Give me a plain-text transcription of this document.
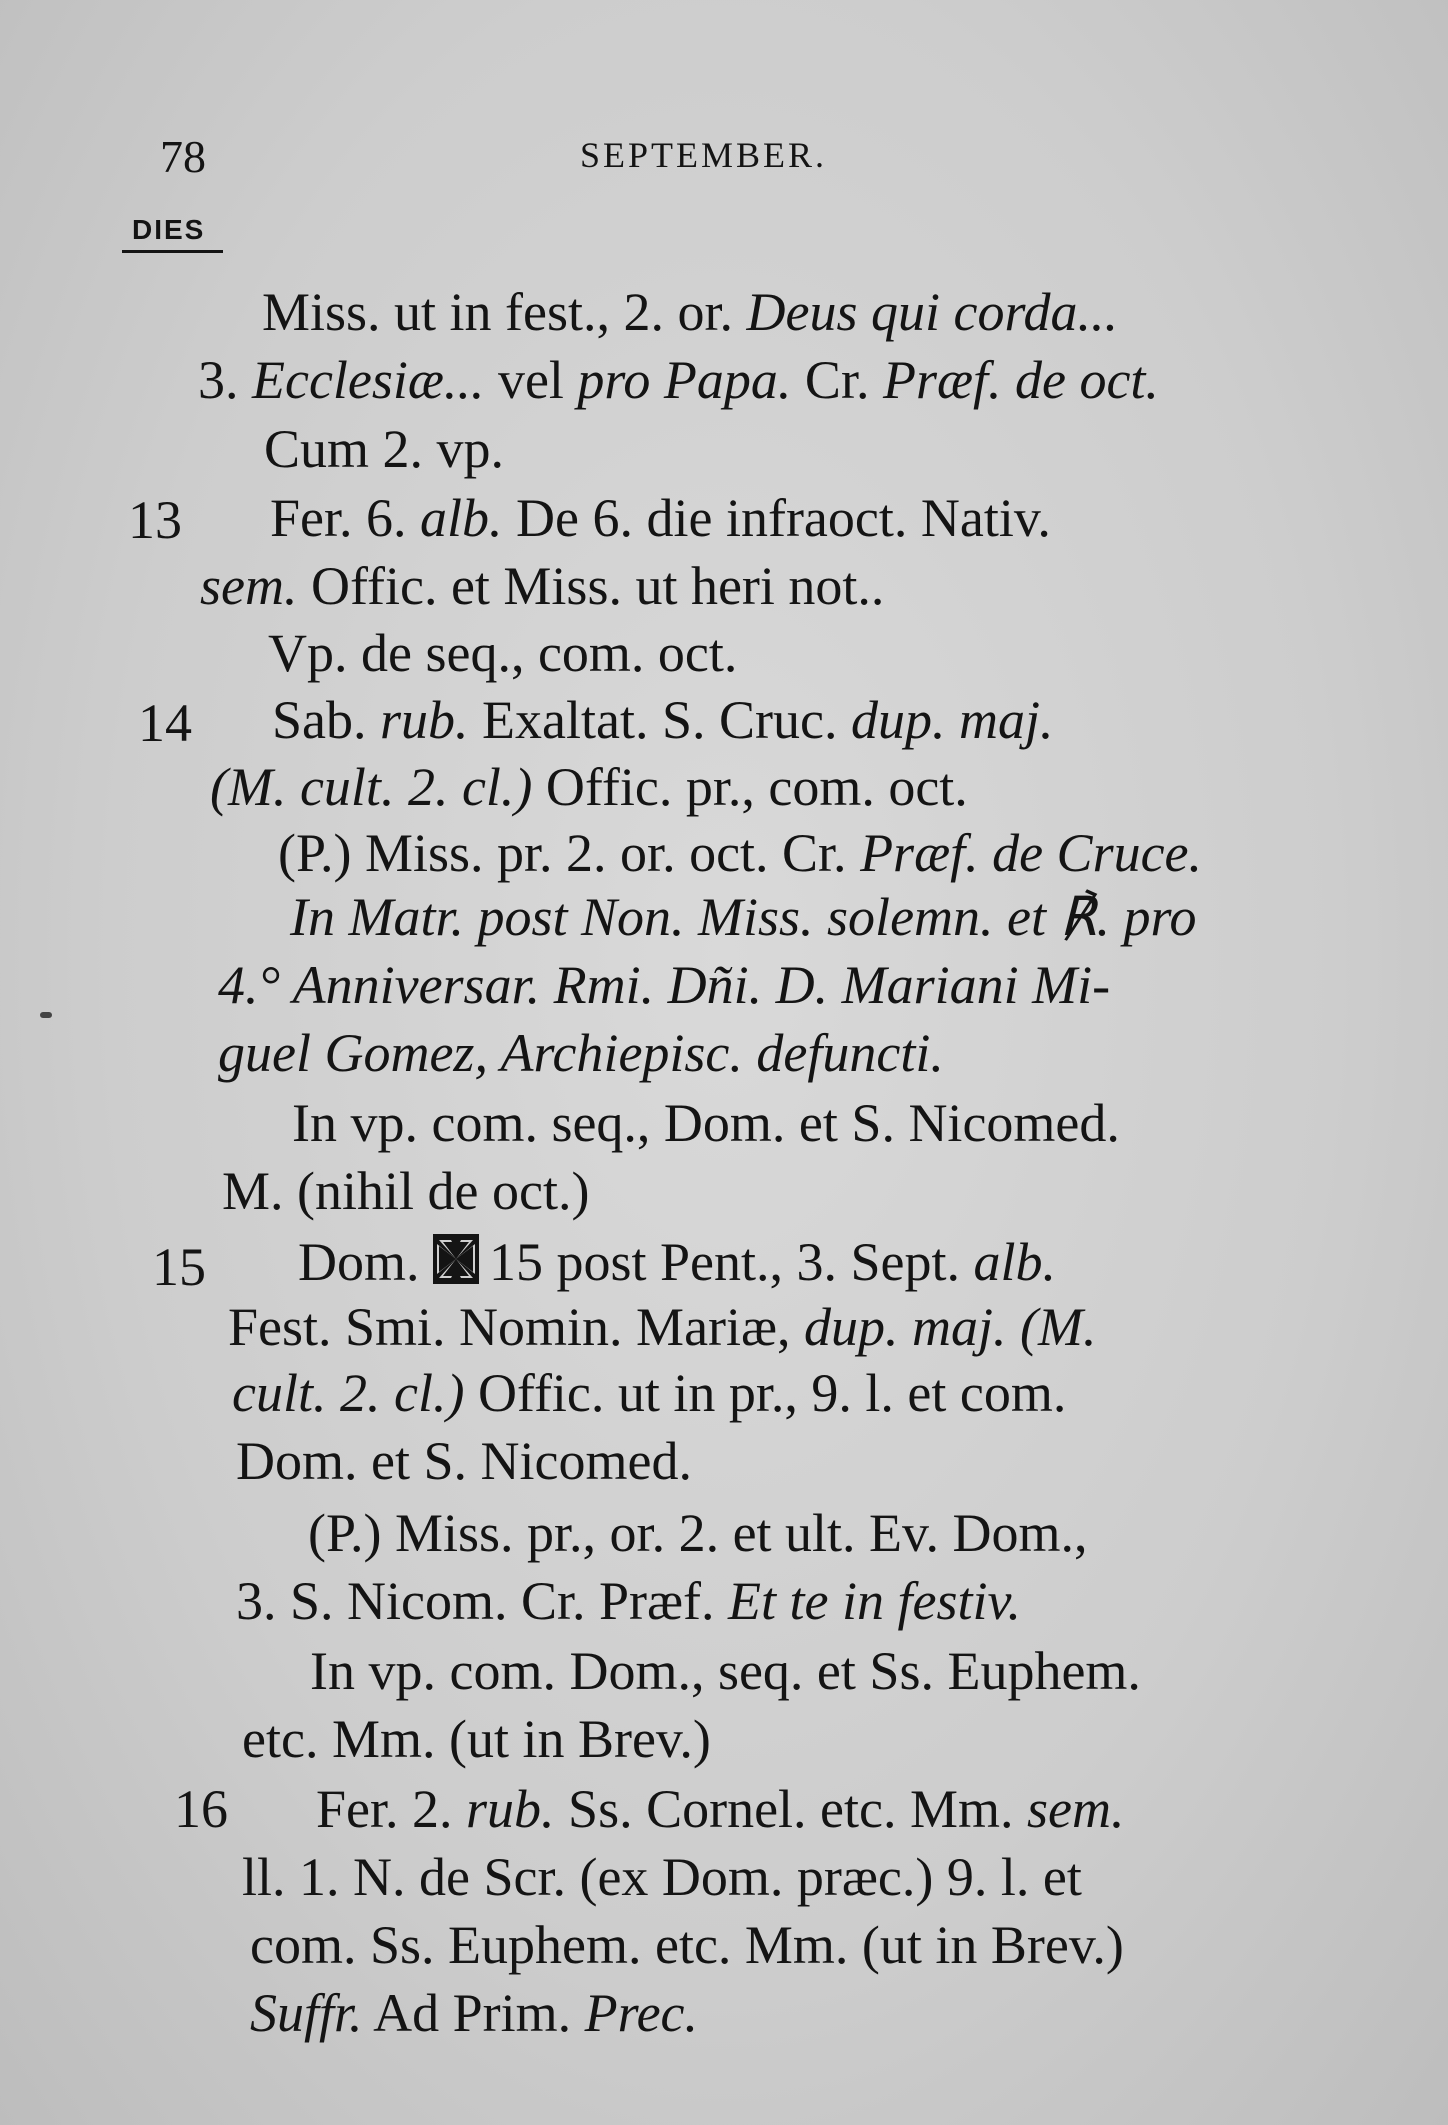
78	SEPTEMBER.
DIES
13
14
15
16
Miss. ut in fest., 2. or. Deus qui corda...
3. Ecclesiæ... vel pro Papa. Cr. Præf. de oct.
Cum 2. vp.
Fer. 6. alb. De 6. die infraoct. Nativ.
sem. Offic. et Miss. ut heri not..
Vp. de seq., com. oct.
Sab. rub. Exaltat. S. Cruc. dup. maj.
(M. cult. 2. cl.) Offic. pr., com. oct.
(P.) Miss. pr. 2. or. oct. Cr. Præf. de Cruce.
In Matr. post Non. Miss. solemn. et ℟. pro
4.° Anniversar. Rmi. Dñi. D. Mariani Mi-
guel Gomez, Archiepisc. defuncti.
In vp. com. seq., Dom. et S. Nicomed.
M. (nihil de oct.)
Dom. 15 post Pent., 3. Sept. alb.
Fest. Smi. Nomin. Mariæ, dup. maj. (M.
cult. 2. cl.) Offic. ut in pr., 9. l. et com.
Dom. et S. Nicomed.
(P.) Miss. pr., or. 2. et ult. Ev. Dom.,
3. S. Nicom. Cr. Præf. Et te in festiv.
In vp. com. Dom., seq. et Ss. Euphem.
etc. Mm. (ut in Brev.)
Fer. 2. rub. Ss. Cornel. etc. Mm. sem.
ll. 1. N. de Scr. (ex Dom. præc.) 9. l. et
com. Ss. Euphem. etc. Mm. (ut in Brev.)
Suffr. Ad Prim. Prec.
